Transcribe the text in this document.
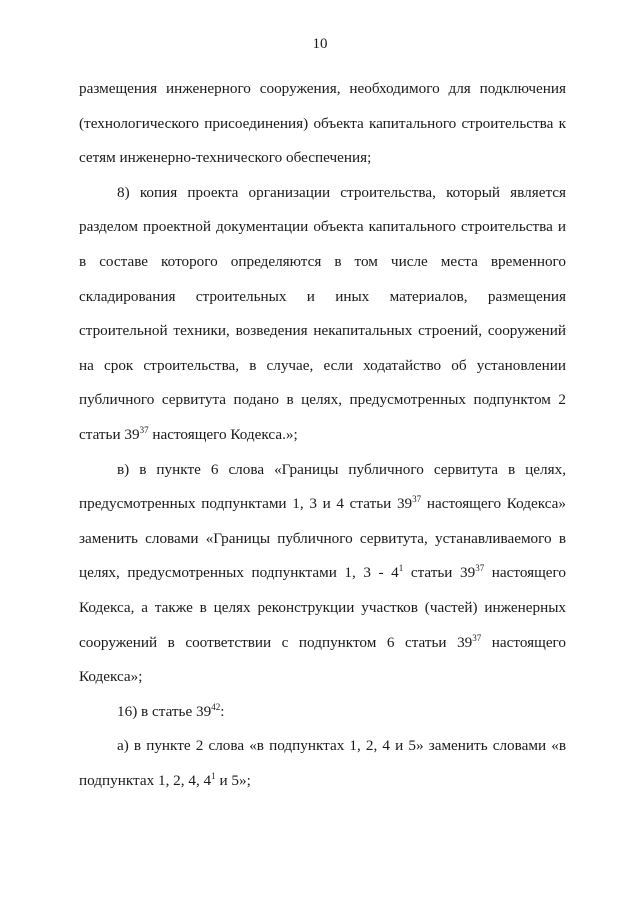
10

размещения инженерного сооружения, необходимого для подключения (технологического присоединения) объекта капитального строительства к сетям инженерно-технического обеспечения;

8) копия проекта организации строительства, который является разделом проектной документации объекта капитального строительства и в составе которого определяются в том числе места временного складирования строительных и иных материалов, размещения строительной техники, возведения некапитальных строений, сооружений на срок строительства, в случае, если ходатайство об установлении публичного сервитута подано в целях, предусмотренных подпунктом 2 статьи $39^{37}$ настоящего Кодекса.»;

в) в пункте 6 слова «Границы публичного сервитута в целях, предусмотренных подпунктами 1, 3 и 4 статьи $39^{37}$ настоящего Кодекса» заменить словами «Границы публичного сервитута, устанавливаемого в целях, предусмотренных подпунктами 1, $3 - 4^1$ статьи $39^{37}$ настоящего Кодекса, а также в целях реконструкции участков (частей) инженерных сооружений в соответствии с подпунктом 6 статьи $39^{37}$ настоящего Кодекса»;

16) в статье $39^{42}$:

а) в пункте 2 слова «в подпунктах 1, 2, 4 и 5» заменить словами «в подпунктах 1, 2, 4, $4^1$ и 5»;
